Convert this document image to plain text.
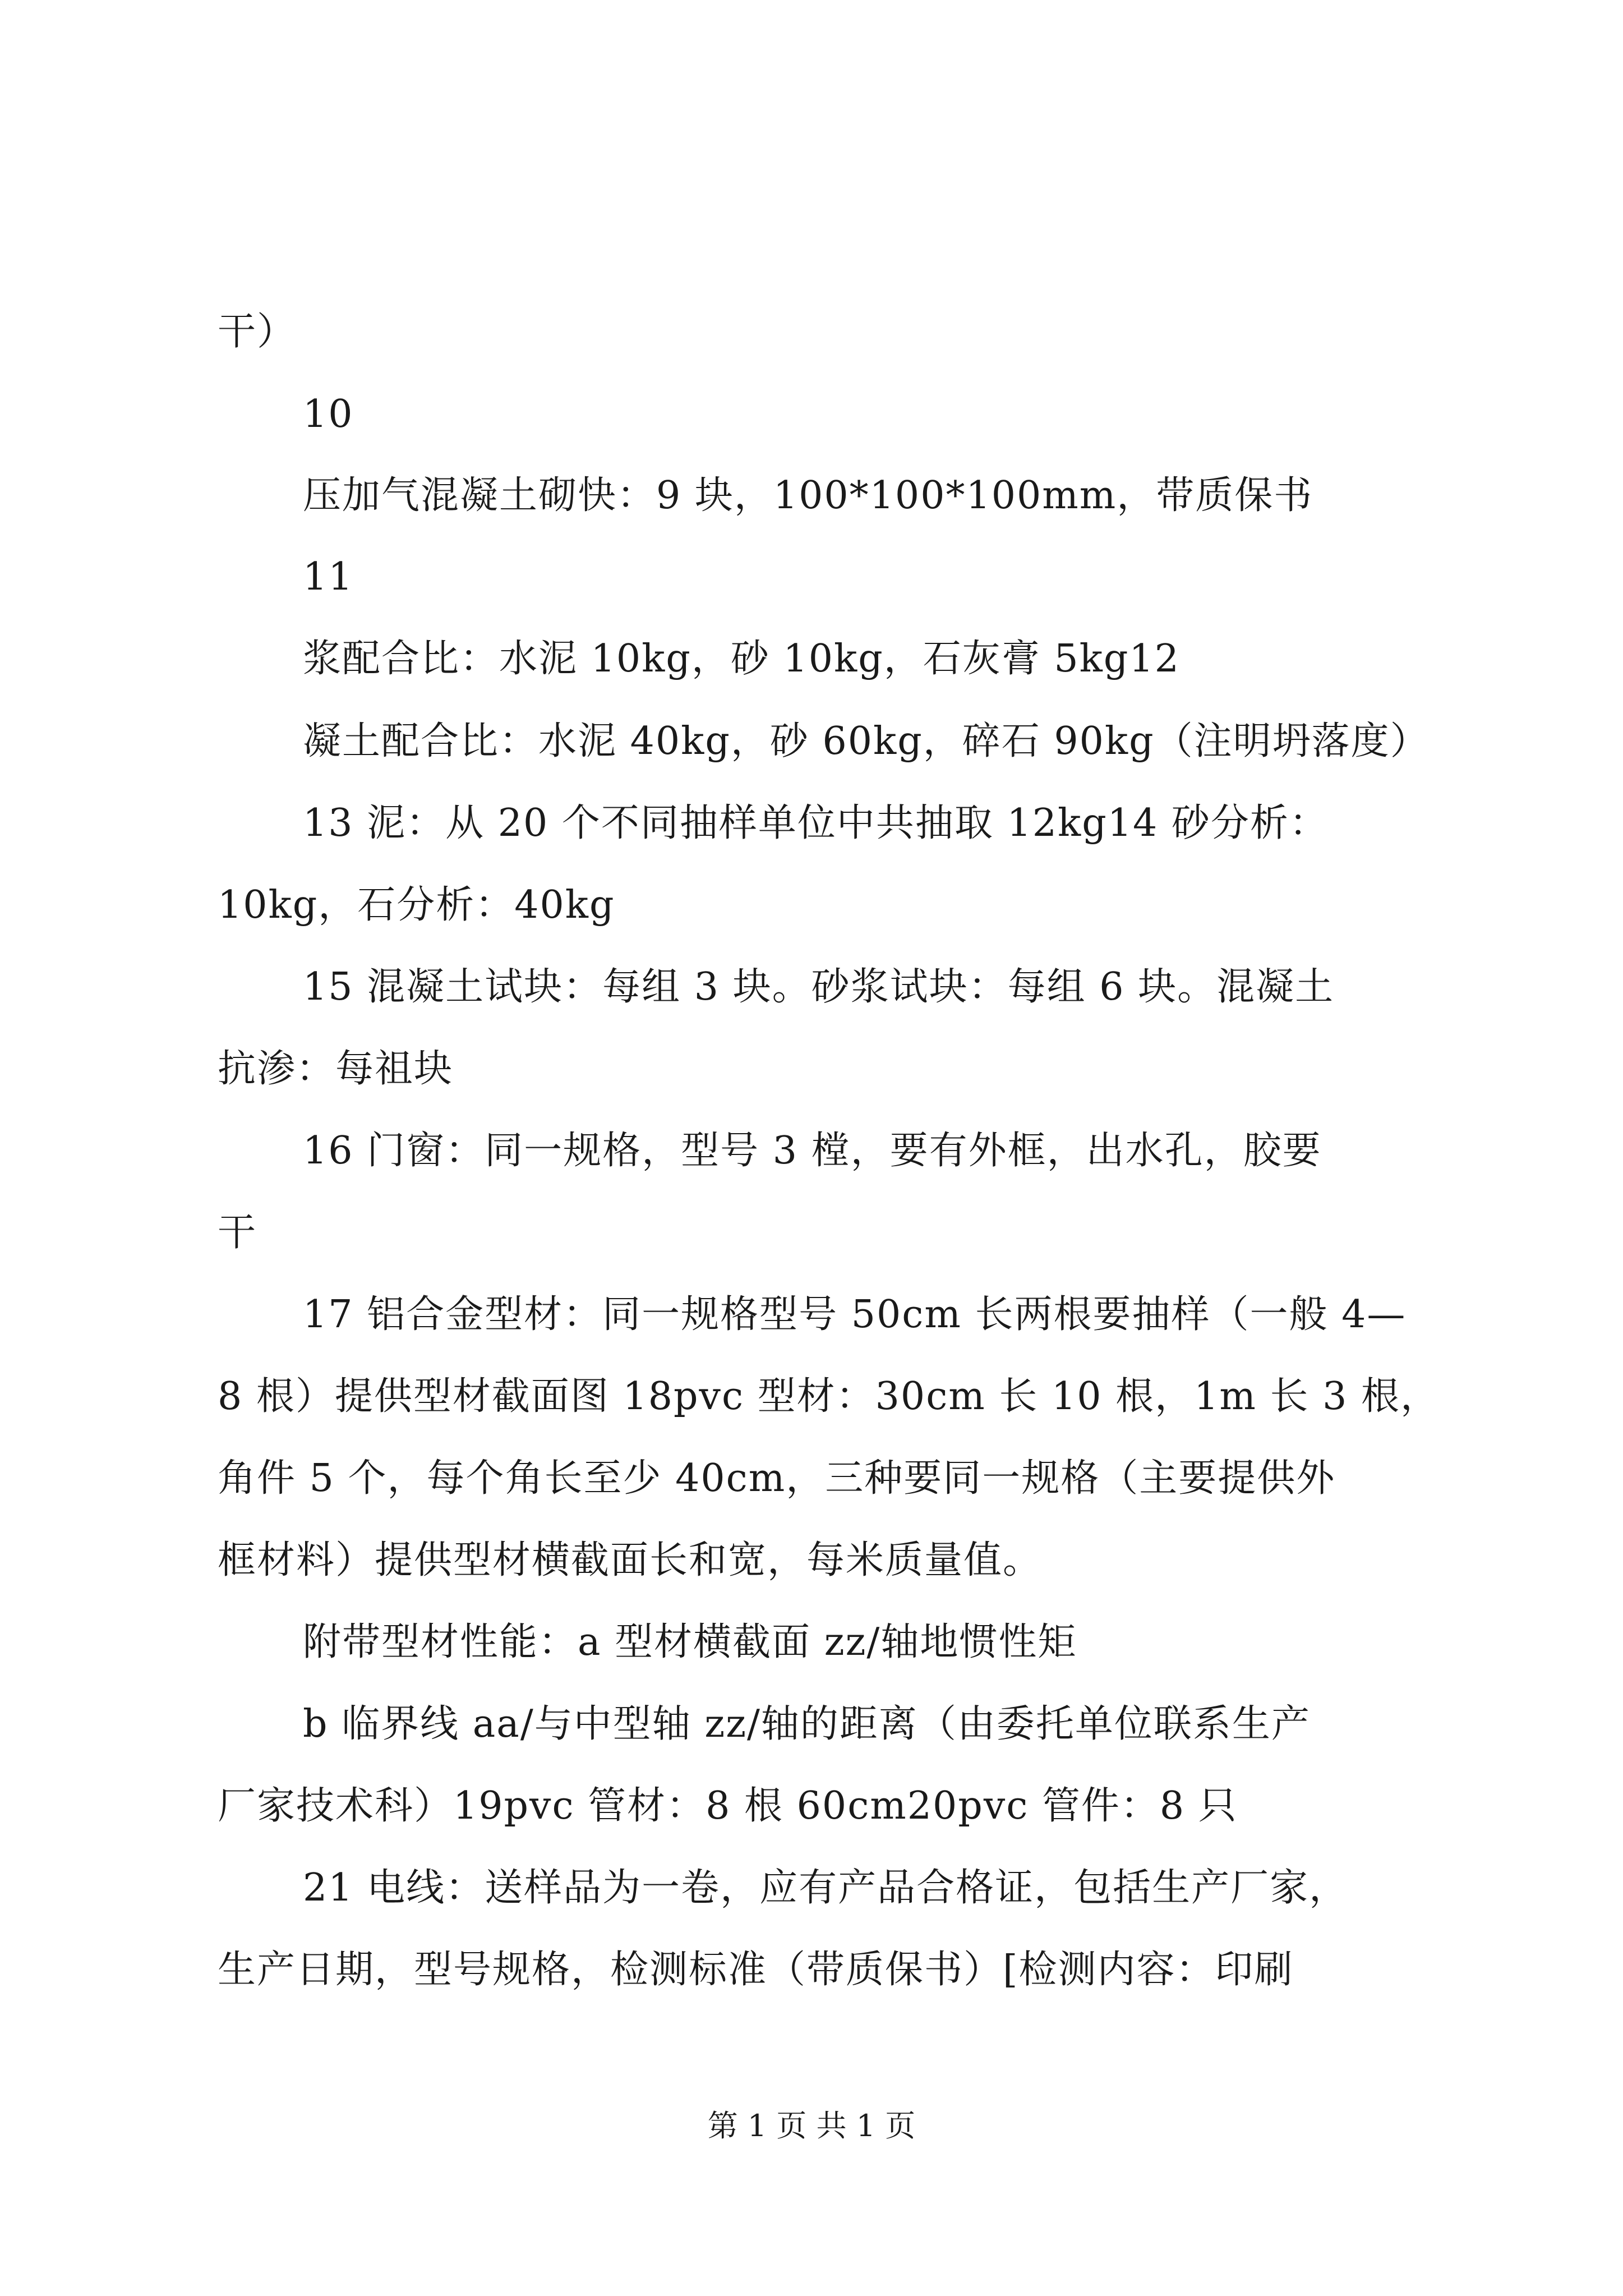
干）
10
压加气混凝土砌快：9 块，100*100*100mm，带质保书
11
浆配合比：水泥 10kg，砂 10kg，石灰膏 5kg12
凝土配合比：水泥 40kg，砂 60kg，碎石 90kg（注明坍落度）
13 泥：从 20 个不同抽样单位中共抽取 12kg14 砂分析：
10kg，石分析：40kg
15 混凝土试块：每组 3 块。砂浆试块：每组 6 块。混凝土
抗渗：每祖块
16 门窗：同一规格，型号 3 樘，要有外框，出水孔，胶要
干
17 铝合金型材：同一规格型号 50cm 长两根要抽样（一般 4—
8 根）提供型材截面图 18pvc 型材：30cm 长 10 根，1m 长 3 根，
角件 5 个，每个角长至少 40cm，三种要同一规格（主要提供外
框材料）提供型材横截面长和宽，每米质量值。
附带型材性能：a 型材横截面 zz/轴地惯性矩
b 临界线 aa/与中型轴 zz/轴的距离（由委托单位联系生产
厂家技术科）19pvc 管材：8 根 60cm20pvc 管件：8 只
21 电线：送样品为一卷，应有产品合格证，包括生产厂家，
生产日期，型号规格，检测标准（带质保书）[检测内容：印刷
第 1 页 共 1 页
